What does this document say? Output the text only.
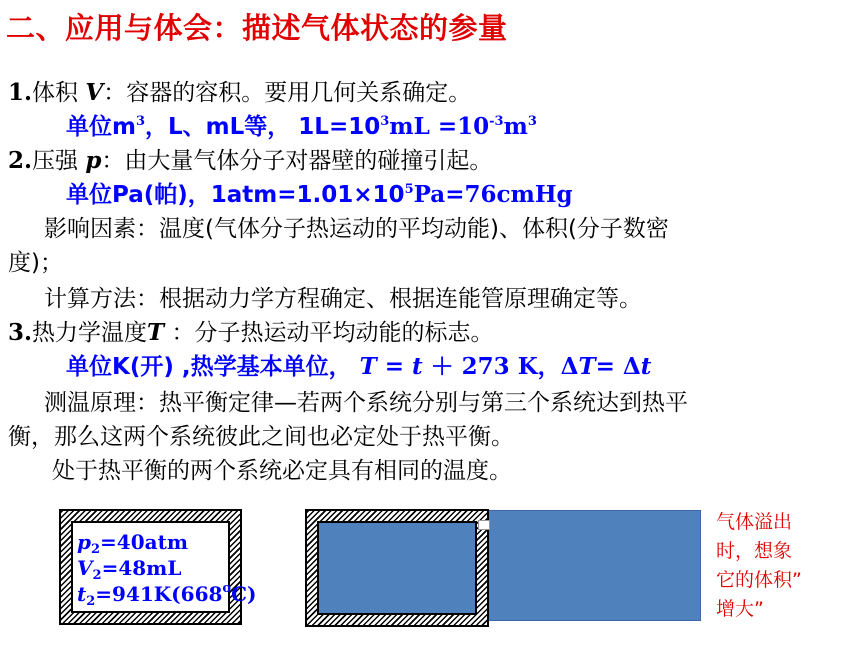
二、应用与体会：描述气体状态的参量
1.体积 V：容器的容积。要用几何关系确定。
单位$m^3$，L、mL等， $1L=10^3mL =10^{-3}m^3$
2.压强 p：由大量气体分子对器壁的碰撞引起。
单位Pa(帕)，$1atm=1.01\times 10^5Pa=76cmHg$
影响因素：温度(气体分子热运动的平均动能)、体积(分子数密
度)；
计算方法：根据动力学方程确定、根据连能管原理确定等。
3.热力学温度T ：分子热运动平均动能的标志。
单位K(开) ,热学基本单位， T = t ＋ 273 K，ΔT= Δt
测温原理：热平衡定律—若两个系统分别与第三个系统达到热平
衡，那么这两个系统彼此之间也必定处于热平衡。
处于热平衡的两个系统必定具有相同的温度。
$p_2=40atm$
$V_2=48mL$
$t_2=941K(668^oC)$
气体溢出
时，想象
它的体积”
增大”
